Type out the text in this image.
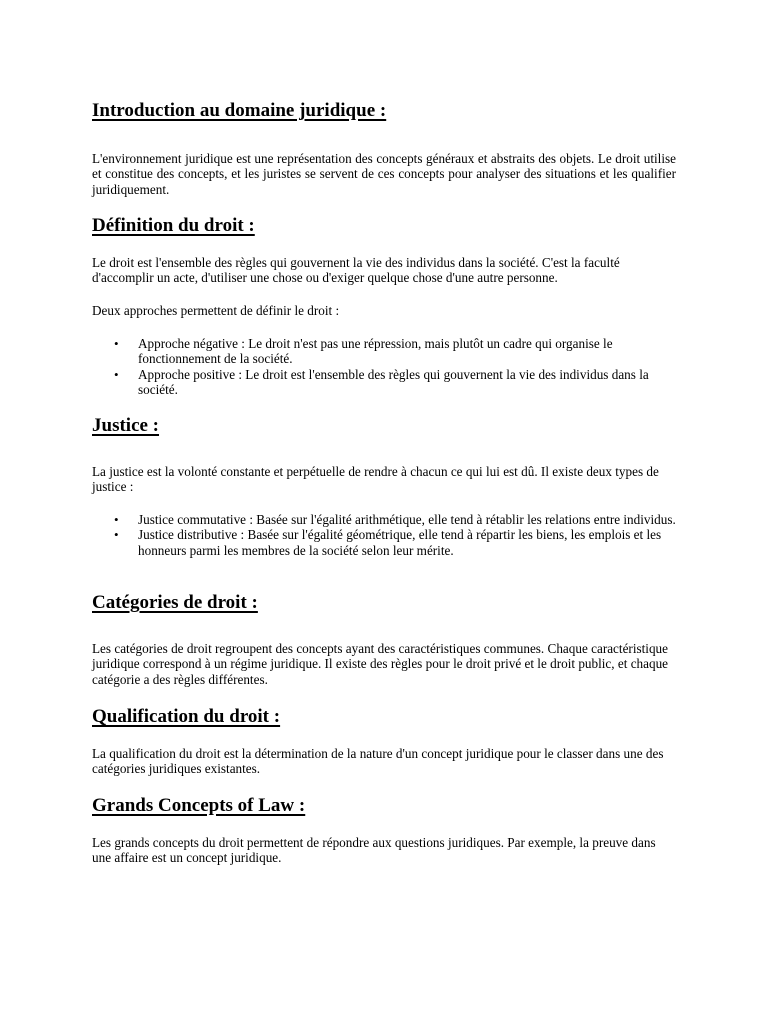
Introduction au domaine juridique :

L'environnement juridique est une représentation des concepts généraux et abstraits des objets. Le droit utilise et constitue des concepts, et les juristes se servent de ces concepts pour analyser des situations et les qualifier juridiquement.

Définition du droit :

Le droit est l'ensemble des règles qui gouvernent la vie des individus dans la société. C'est la faculté d'accomplir un acte, d'utiliser une chose ou d'exiger quelque chose d'une autre personne.

Deux approches permettent de définir le droit :

• Approche négative : Le droit n'est pas une répression, mais plutôt un cadre qui organise le fonctionnement de la société.
• Approche positive : Le droit est l'ensemble des règles qui gouvernent la vie des individus dans la société.
Justice :

La justice est la volonté constante et perpétuelle de rendre à chacun ce qui lui est dû. Il existe deux types de justice :

• Justice commutative : Basée sur l'égalité arithmétique, elle tend à rétablir les relations entre individus.
• Justice distributive : Basée sur l'égalité géométrique, elle tend à répartir les biens, les emplois et les honneurs parmi les membres de la société selon leur mérite.
Catégories de droit :

Les catégories de droit regroupent des concepts ayant des caractéristiques communes. Chaque caractéristique juridique correspond à un régime juridique. Il existe des règles pour le droit privé et le droit public, et chaque catégorie a des règles différentes.

Qualification du droit :

La qualification du droit est la détermination de la nature d'un concept juridique pour le classer dans une des catégories juridiques existantes.

Grands Concepts of Law :

Les grands concepts du droit permettent de répondre aux questions juridiques. Par exemple, la preuve dans une affaire est un concept juridique.
